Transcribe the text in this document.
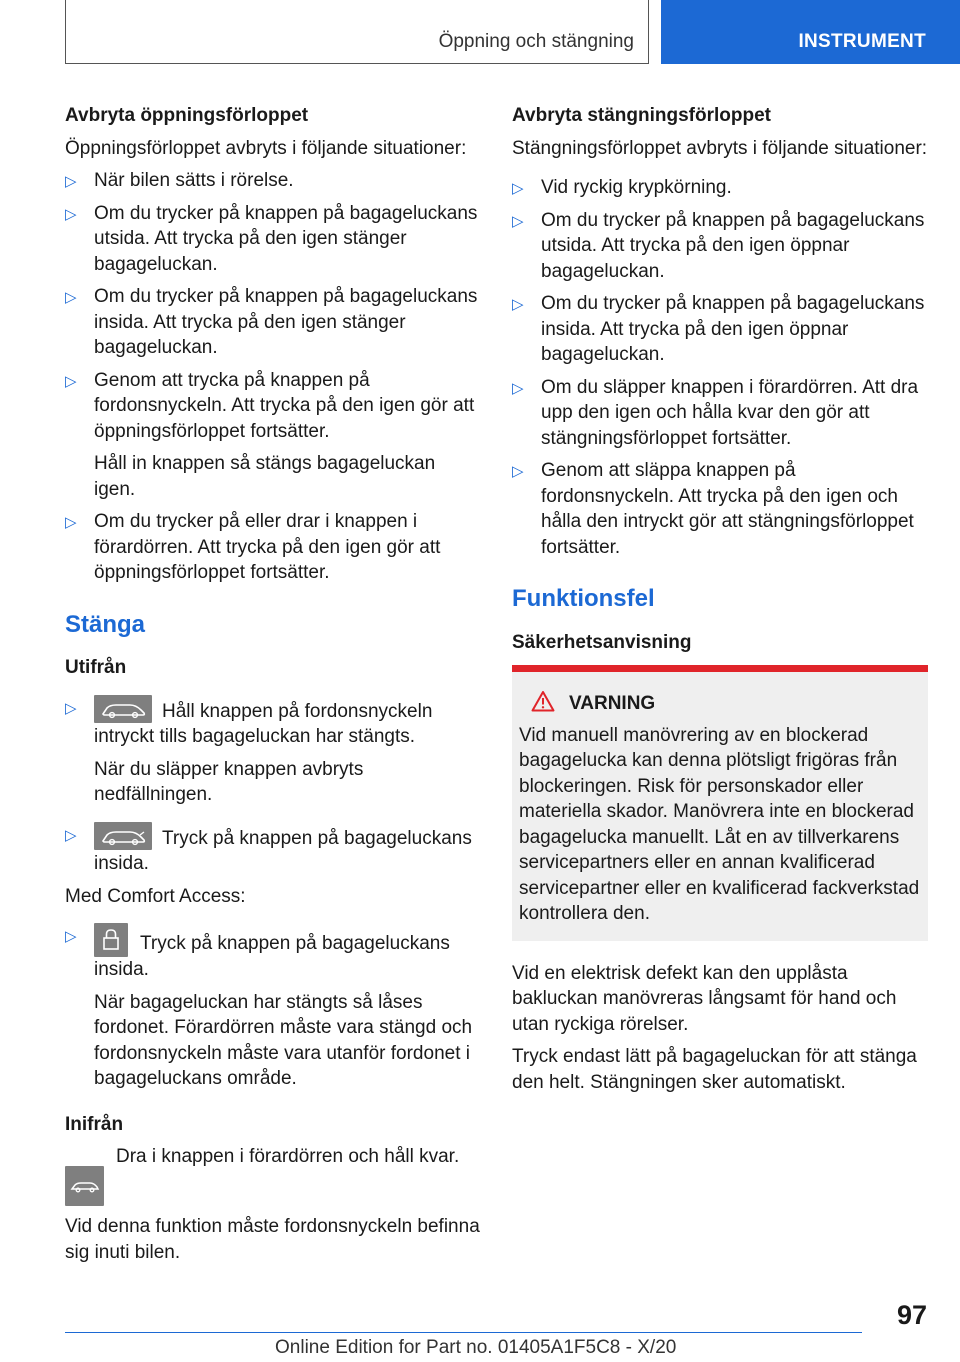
Öppning och stängning	INSTRUMENT
Avbryta öppningsförloppet

Öppningsförloppet avbryts i följande situationer:

▷ När bilen sätts i rörelse.
▷ Om du trycker på knappen på bagageluckans utsida. Att trycka på den igen stänger bagageluckan.
▷ Om du trycker på knappen på bagageluckans insida. Att trycka på den igen stänger bagageluckan.
▷ Genom att trycka på knappen på fordonsnyckeln. Att trycka på den igen gör att öppningsförloppet fortsätter.

Håll in knappen så stängs bagageluckan igen.

▷ Om du trycker på eller drar i knappen i förardörren. Att trycka på den igen gör att öppningsförloppet fortsätter.
Stänga
Utifrån
▷	Håll knappen på fordonsnyckeln intryckt tills bagageluckan har stängts.

När du släpper knappen avbryts nedfällningen.

▷	Tryck på knappen på bagageluckans insida.

Med Comfort Access:

▷	Tryck på knappen på bagageluckans insida.

När bagageluckan har stängts så låses fordonet. Förardörren måste vara stängd och fordonsnyckeln måste vara utanför fordonet i bagageluckans område.

Inifrån
Dra i knappen i förardörren och håll kvar.

Vid denna funktion måste fordonsnyckeln befinna sig inuti bilen.

Avbryta stängningsförloppet

Stängningsförloppet avbryts i följande situationer:

▷ Vid ryckig krypkörning.
▷ Om du trycker på knappen på bagageluckans utsida. Att trycka på den igen öppnar bagageluckan.
▷ Om du trycker på knappen på bagageluckans insida. Att trycka på den igen öppnar bagageluckan.
▷ Om du släpper knappen i förardörren. Att dra upp den igen och hålla kvar den gör att stängningsförloppet fortsätter.
▷ Genom att släppa knappen på fordonsnyckeln. Att trycka på den igen och hålla den intryckt gör att stängningsförloppet fortsätter.
Funktionsfel
Säkerhetsanvisning
VARNING
Vid manuell manövrering av en blockerad bagagelucka kan denna plötsligt frigöras från blockeringen. Risk för personskador eller materiella skador. Manövrera inte en blockerad bagagelucka manuellt. Låt en av tillverkarens servicepartners eller en annan kvalificerad servicepartner eller en kvalificerad fackverkstad kontrollera den.

Vid en elektrisk defekt kan den upplåsta bakluckan manövreras långsamt för hand och utan ryckiga rörelser.

Tryck endast lätt på bagageluckan för att stänga den helt. Stängningen sker automatiskt.

97
Online Edition for Part no. 01405A1F5C8 - X/20
